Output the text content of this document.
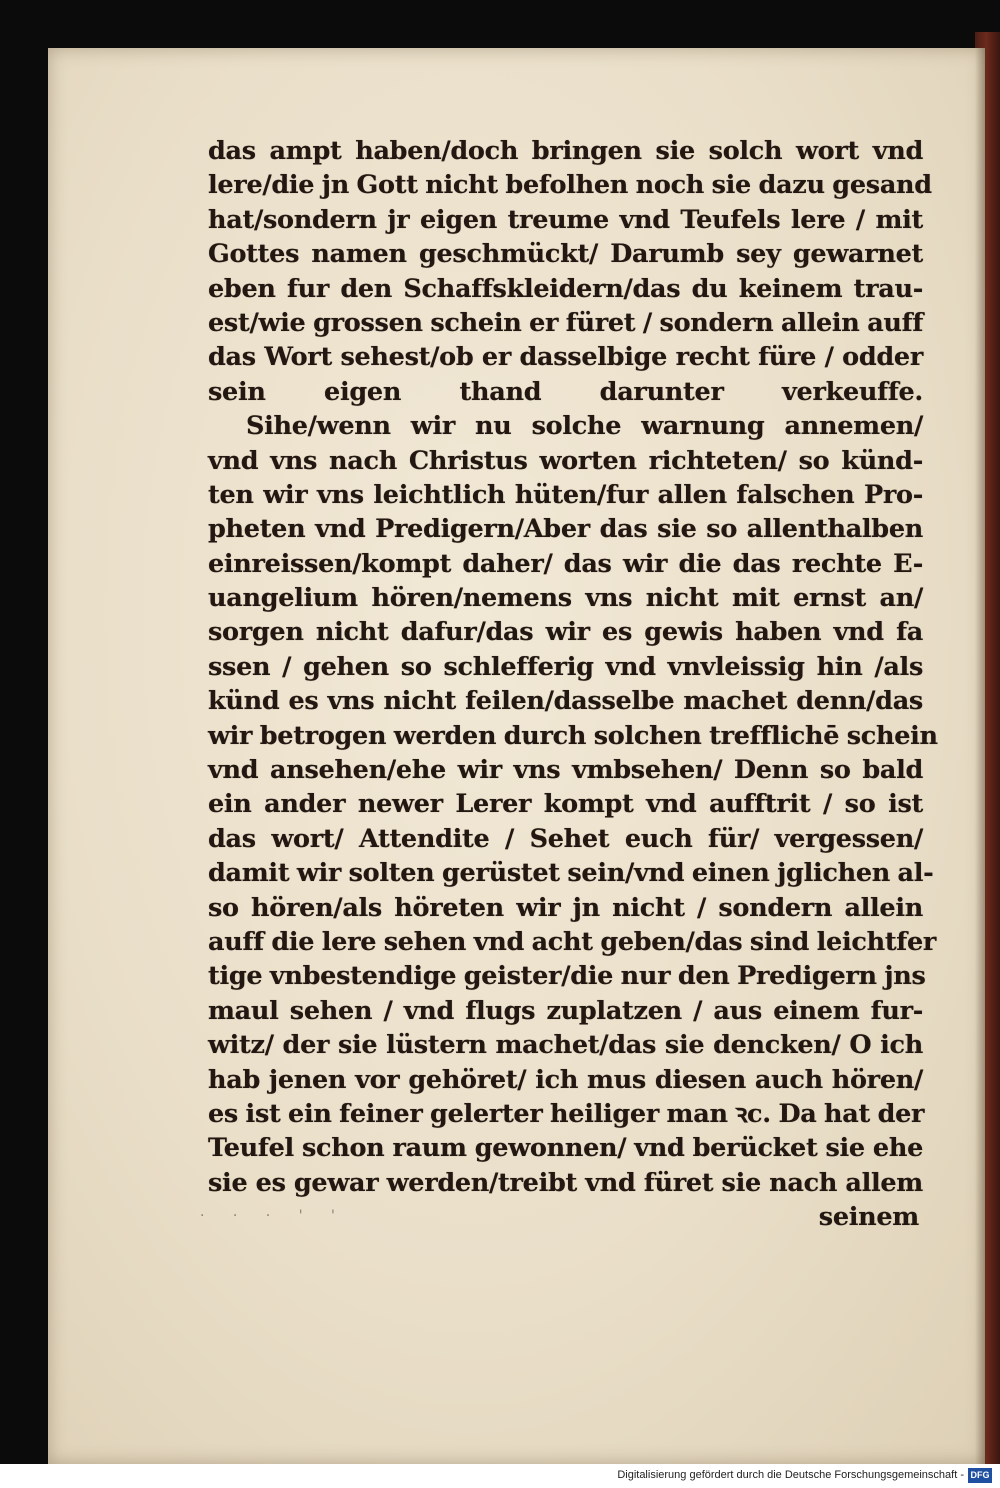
das ampt haben/doch bringen sie solch wort vnd
lere/die jn Gott nicht befolhen noch sie dazu gesand
hat/sondern jr eigen treume vnd Teufels lere / mit
Gottes namen geschmückt/ Darumb sey gewarnet
eben fur den Schaffskleidern/das du keinem trau-
est/wie grossen schein er füret / sondern allein auff
das Wort sehest/ob er dasselbige recht füre / odder
sein eigen thand darunter verkeuffe.
Sihe/wenn wir nu solche warnung annemen/
vnd vns nach Christus worten richteten/ so künd-
ten wir vns leichtlich hüten/fur allen falschen Pro-
pheten vnd Predigern/Aber das sie so allenthalben
einreissen/kompt daher/ das wir die das rechte E-
uangelium hören/nemens vns nicht mit ernst an/
sorgen nicht dafur/das wir es gewis haben vnd fa
ssen / gehen so schlefferig vnd vnvleissig hin /als
künd es vns nicht feilen/dasselbe machet denn/das
wir betrogen werden durch solchen trefflichē schein
vnd ansehen/ehe wir vns vmbsehen/ Denn so bald
ein ander newer Lerer kompt vnd aufftrit / so ist
das wort/ Attendite / Sehet euch für/ vergessen/
damit wir solten gerüstet sein/vnd einen jglichen al-
so hören/als höreten wir jn nicht / sondern allein
auff die lere sehen vnd acht geben/das sind leichtfer
tige vnbestendige geister/die nur den Predigern jns
maul sehen / vnd flugs zuplatzen / aus einem fur-
witz/ der sie lüstern machet/das sie dencken/ O ich
hab jenen vor gehöret/ ich mus diesen auch hören/
es ist ein feiner gelerter heiliger man ꝛc. Da hat der
Teufel schon raum gewonnen/ vnd berücket sie ehe
sie es gewar werden/treibt vnd füret sie nach allem
seinem
· · · ' '
Digitalisierung gefördert durch die Deutsche Forschungsgemeinschaft - DFG
